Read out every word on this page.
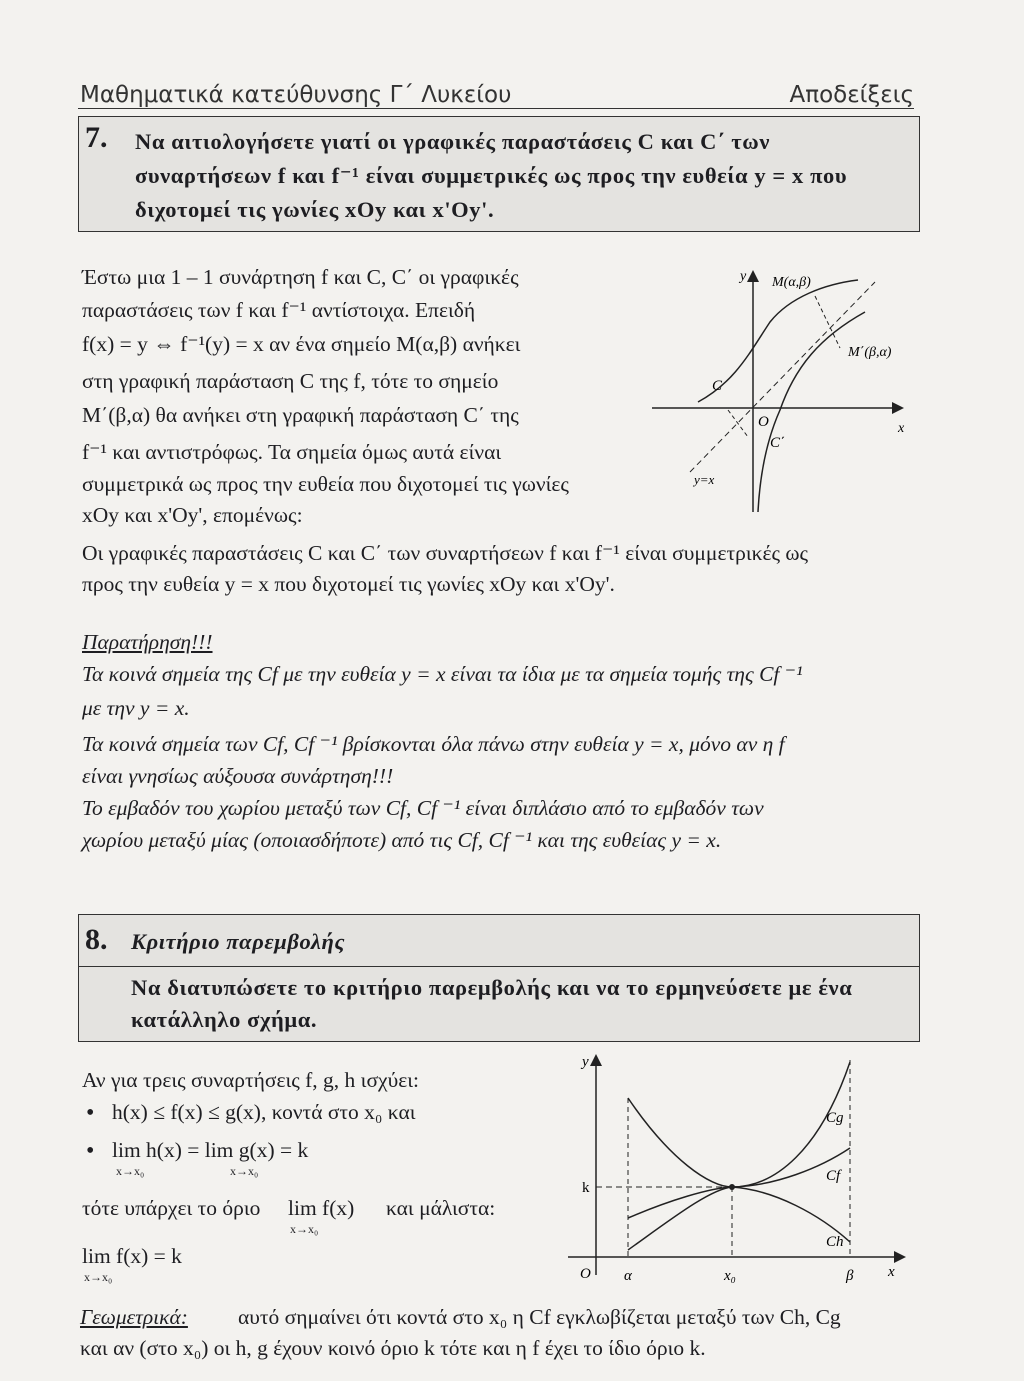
Μαθηματικά κατεύθυνσης Γ΄ Λυκείου	Αποδείξεις
7. Να αιτιολογήσετε γιατί οι γραφικές παραστάσεις C και C΄ των
συναρτήσεων f και f⁻¹ είναι συμμετρικές ως προς την ευθεία y = x που
διχοτομεί τις γωνίες xOy και x'Oy'.
Έστω μια 1 – 1 συνάρτηση f και C, C΄ οι γραφικές
παραστάσεις των f και f⁻¹ αντίστοιχα. Επειδή
f(x) = y ⇔ f⁻¹(y) = x αν ένα σημείο M(α,β) ανήκει
στη γραφική παράσταση C της f, τότε το σημείο
M΄(β,α) θα ανήκει στη γραφική παράσταση C΄ της
f⁻¹ και αντιστρόφως. Τα σημεία όμως αυτά είναι
συμμετρικά ως προς την ευθεία που διχοτομεί τις γωνίες
xOy και x'Oy', επομένως:
Οι γραφικές παραστάσεις C και C΄ των συναρτήσεων f και f⁻¹ είναι συμμετρικές ως
προς την ευθεία y = x που διχοτομεί τις γωνίες xOy και x'Oy'.
y
x
O
M(α,β)
M΄(β,α)
C
C΄
y=x
Παρατήρηση!!!
Τα κοινά σημεία της Cf με την ευθεία y = x είναι τα ίδια με τα σημεία τομής της Cf ⁻¹
με την y = x.
Τα κοινά σημεία των Cf, Cf ⁻¹ βρίσκονται όλα πάνω στην ευθεία y = x, μόνο αν η f
είναι γνησίως αύξουσα συνάρτηση!!!
Το εμβαδόν του χωρίου μεταξύ των Cf, Cf ⁻¹ είναι διπλάσιο από το εμβαδόν των
χωρίου μεταξύ μίας (οποιασδήποτε) από τις Cf, Cf ⁻¹ και της ευθείας y = x.
8. Κριτήριο παρεμβολής
Να διατυπώσετε το κριτήριο παρεμβολής και να το ερμηνεύσετε με ένα
κατάλληλο σχήμα.
Αν για τρεις συναρτήσεις f, g, h ισχύει:
• h(x) ≤ f(x) ≤ g(x), κοντά στο x₀ και
• lim h(x) = lim g(x) = k
x→x₀	x→x₀
τότε υπάρχει το όριο lim f(x)
x→x₀
και μάλιστα:
lim f(x) = k
x→x₀
y
x
O α	x₀	β
k
Cg
Cf
Ch
Γεωμετρικά: αυτό σημαίνει ότι κοντά στο x₀ η Cf εγκλωβίζεται μεταξύ των Ch, Cg
και αν (στο x₀) οι h, g έχουν κοινό όριο k τότε και η f έχει το ίδιο όριο k.
